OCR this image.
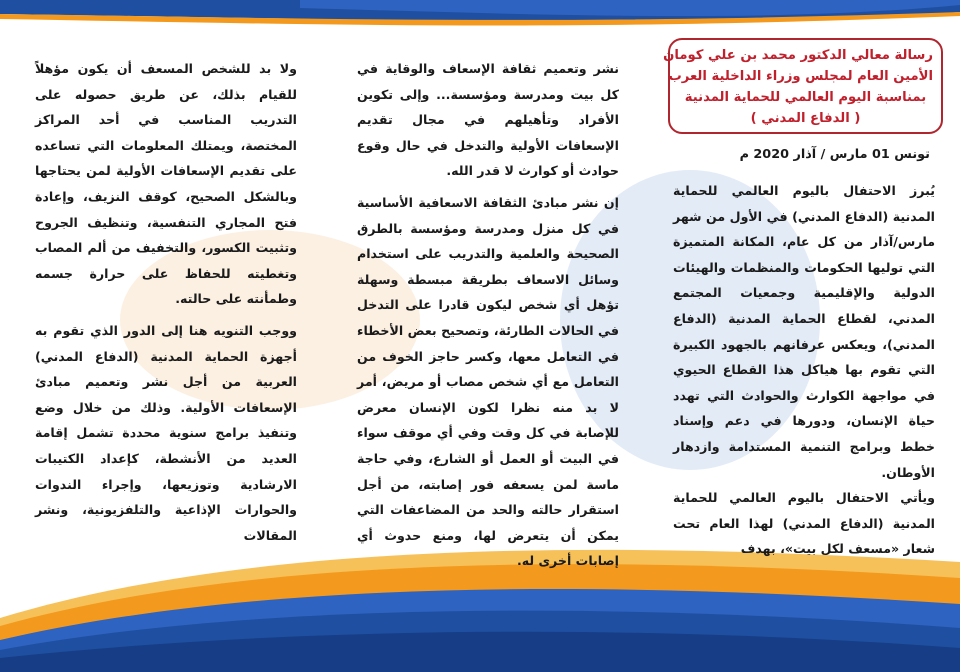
رسالة معالي الدكتور محمد بن علي كومان
الأمين العام لمجلس وزراء الداخلية العرب
بمناسبة اليوم العالمي للحماية المدنية
( الدفاع المدني )
تونس 01 مارس / آذار 2020 م

يُبرز الاحتفال باليوم العالمي للحماية المدنية (الدفاع المدني) في الأول من شهر مارس/آذار من كل عام، المكانة المتميزة التي توليها الحكومات والمنظمات والهيئات الدولية والإقليمية وجمعيات المجتمع المدني، لقطاع الحماية المدنية (الدفاع المدني)، ويعكس عرفانهم بالجهود الكبيرة التي تقوم بها هياكل هذا القطاع الحيوي في مواجهة الكوارث والحوادث التي تهدد حياة الإنسان، ودورها في دعم وإسناد خطط وبرامج التنمية المستدامة وازدهار الأوطان.

ويأتي الاحتفال باليوم العالمي للحماية المدنية (الدفاع المدني) لهذا العام تحت شعار «مسعف لكل بيت»، بهدف

نشر وتعميم ثقافة الإسعاف والوقاية في كل بيت ومدرسة ومؤسسة... وإلى تكوين الأفراد وتأهيلهم في مجال تقديم الإسعافات الأولية والتدخل في حال وقوع حوادث أو كوارث لا قدر الله.

إن نشر مبادئ الثقافة الاسعافية الأساسية في كل منزل ومدرسة ومؤسسة بالطرق الصحيحة والعلمية والتدريب على استخدام وسائل الاسعاف بطريقة مبسطة وسهلة تؤهل أي شخص ليكون قادرا على التدخل في الحالات الطارئة، وتصحيح بعض الأخطاء في التعامل معها، وكسر حاجز الخوف من التعامل مع أي شخص مصاب أو مريض، أمر لا بد منه نظرا لكون الإنسان معرض للإصابة في كل وقت وفي أي موقف سواء في البيت أو العمل أو الشارع، وفي حاجة ماسة لمن يسعفه فور إصابته، من أجل استقرار حالته والحد من المضاعفات التي يمكن أن يتعرض لها، ومنع حدوث أي إصابات أخرى له.

ولا بد للشخص المسعف أن يكون مؤهلاً للقيام بذلك، عن طريق حصوله على التدريب المناسب في أحد المراكز المختصة، ويمتلك المعلومات التي تساعده على تقديم الإسعافات الأولية لمن يحتاجها وبالشكل الصحيح، كوقف النزيف، وإعادة فتح المجاري التنفسية، وتنظيف الجروح وتثبيت الكسور، والتخفيف من ألم المصاب وتغطيته للحفاظ على حرارة جسمه وطمأنته على حالته.

ووجب التنويه هنا إلى الدور الذي تقوم به أجهزة الحماية المدنية (الدفاع المدني) العربية من أجل نشر وتعميم مبادئ الإسعافات الأولية. وذلك من خلال وضع وتنفيذ برامج سنوية محددة تشمل إقامة العديد من الأنشطة، كإعداد الكتيبات الارشادية وتوزيعها، وإجراء الندوات والحوارات الإذاعية والتلفزيونية، ونشر المقالات
